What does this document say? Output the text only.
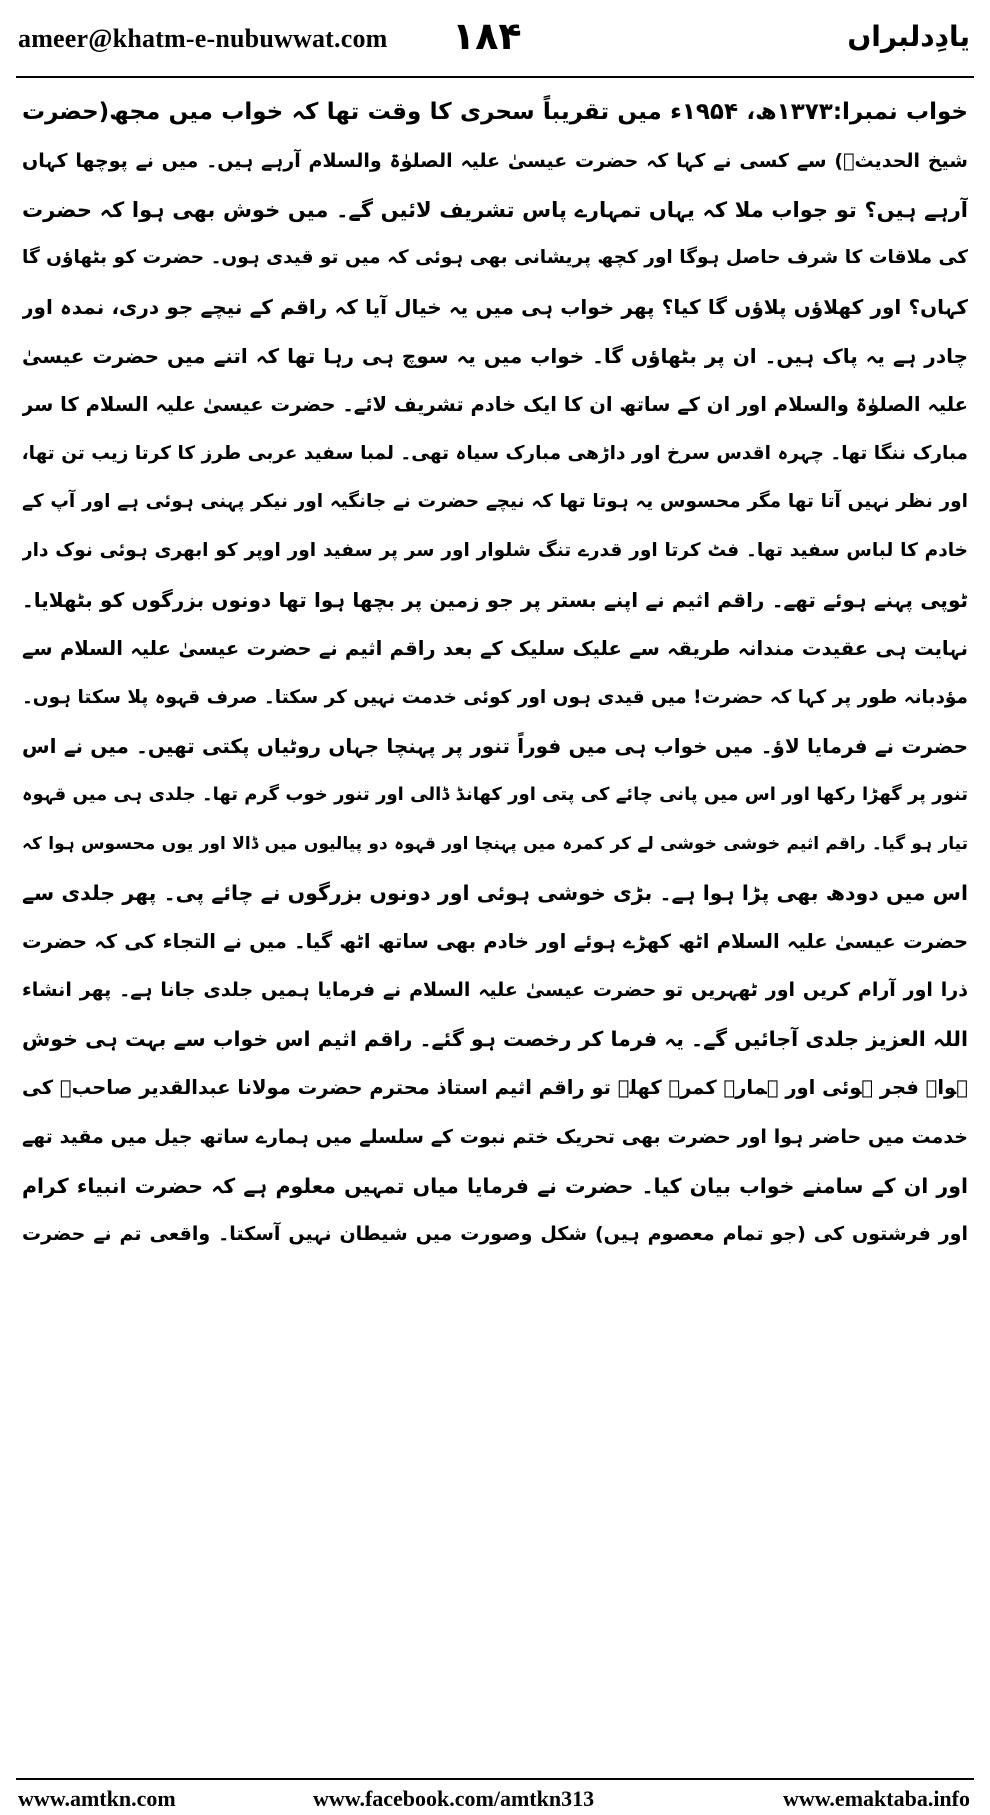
ameer@khatm-e-nubuwwat.com ۱۸۴	یادِدلبراں
خواب نمبرا:۱۳۷۳ھ، ۱۹۵۴ء میں تقریباً سحری کا وقت تھا کہ خواب میں مجھ(حضرت
شیخ الحدیثؒ) سے کسی نے کہا کہ حضرت عیسیٰ علیہ الصلوٰۃ والسلام آرہے ہیں۔ میں نے پوچھا کہاں
آرہے ہیں؟ تو جواب ملا کہ یہاں تمہارے پاس تشریف لائیں گے۔ میں خوش بھی ہوا کہ حضرت
کی ملاقات کا شرف حاصل ہوگا اور کچھ پریشانی بھی ہوئی کہ میں تو قیدی ہوں۔ حضرت کو بٹھاؤں گا
کہاں؟ اور کھلاؤں پلاؤں گا کیا؟ پھر خواب ہی میں یہ خیال آیا کہ راقم کے نیچے جو دری، نمدہ اور
چادر ہے یہ پاک ہیں۔ ان پر بٹھاؤں گا۔ خواب میں یہ سوچ ہی رہا تھا کہ اتنے میں حضرت عیسیٰ
علیہ الصلوٰۃ والسلام اور ان کے ساتھ ان کا ایک خادم تشریف لائے۔ حضرت عیسیٰ علیہ السلام کا سر
مبارک ننگا تھا۔ چہرہ اقدس سرخ اور داڑھی مبارک سیاہ تھی۔ لمبا سفید عربی طرز کا کرتا زیب تن تھا،
اور نظر نہیں آتا تھا مگر محسوس یہ ہوتا تھا کہ نیچے حضرت نے جانگیہ اور نیکر پہنی ہوئی ہے اور آپ کے
خادم کا لباس سفید تھا۔ فٹ کرتا اور قدرے تنگ شلوار اور سر پر سفید اور اوپر کو ابھری ہوئی نوک دار
ٹوپی پہنے ہوئے تھے۔ راقم اثیم نے اپنے بستر پر جو زمین پر بچھا ہوا تھا دونوں بزرگوں کو بٹھلایا۔
نہایت ہی عقیدت مندانہ طریقہ سے علیک سلیک کے بعد راقم اثیم نے حضرت عیسیٰ علیہ السلام سے
مؤدبانہ طور پر کہا کہ حضرت! میں قیدی ہوں اور کوئی خدمت نہیں کر سکتا۔ صرف قہوہ پلا سکتا ہوں۔
حضرت نے فرمایا لاؤ۔ میں خواب ہی میں فوراً تنور پر پہنچا جہاں روٹیاں پکتی تھیں۔ میں نے اس
تنور پر گھڑا رکھا اور اس میں پانی چائے کی پتی اور کھانڈ ڈالی اور تنور خوب گرم تھا۔ جلدی ہی میں قہوہ
تیار ہو گیا۔ راقم اثیم خوشی خوشی لے کر کمرہ میں پہنچا اور قہوہ دو پیالیوں میں ڈالا اور یوں محسوس ہوا کہ
اس میں دودھ بھی پڑا ہوا ہے۔ بڑی خوشی ہوئی اور دونوں بزرگوں نے چائے پی۔ پھر جلدی سے
حضرت عیسیٰ علیہ السلام اٹھ کھڑے ہوئے اور خادم بھی ساتھ اٹھ گیا۔ میں نے التجاء کی کہ حضرت
ذرا اور آرام کریں اور ٹھہریں تو حضرت عیسیٰ علیہ السلام نے فرمایا ہمیں جلدی جانا ہے۔ پھر انشاء
اللہ العزیز جلدی آجائیں گے۔ یہ فرما کر رخصت ہو گئے۔ راقم اثیم اس خواب سے بہت ہی خوش
ہوا۔ فجر ہوئی اور ہمارے کمرے کھلے تو راقم اثیم استاذ محترم حضرت مولانا عبدالقدیر صاحبؒ کی
خدمت میں حاضر ہوا اور حضرت بھی تحریک ختم نبوت کے سلسلے میں ہمارے ساتھ جیل میں مقید تھے
اور ان کے سامنے خواب بیان کیا۔ حضرت نے فرمایا میاں تمہیں معلوم ہے کہ حضرت انبیاء کرام
اور فرشتوں کی (جو تمام معصوم ہیں) شکل وصورت میں شیطان نہیں آسکتا۔ واقعی تم نے حضرت
www.amtkn.com	www.facebook.com/amtkn313	www.emaktaba.info
